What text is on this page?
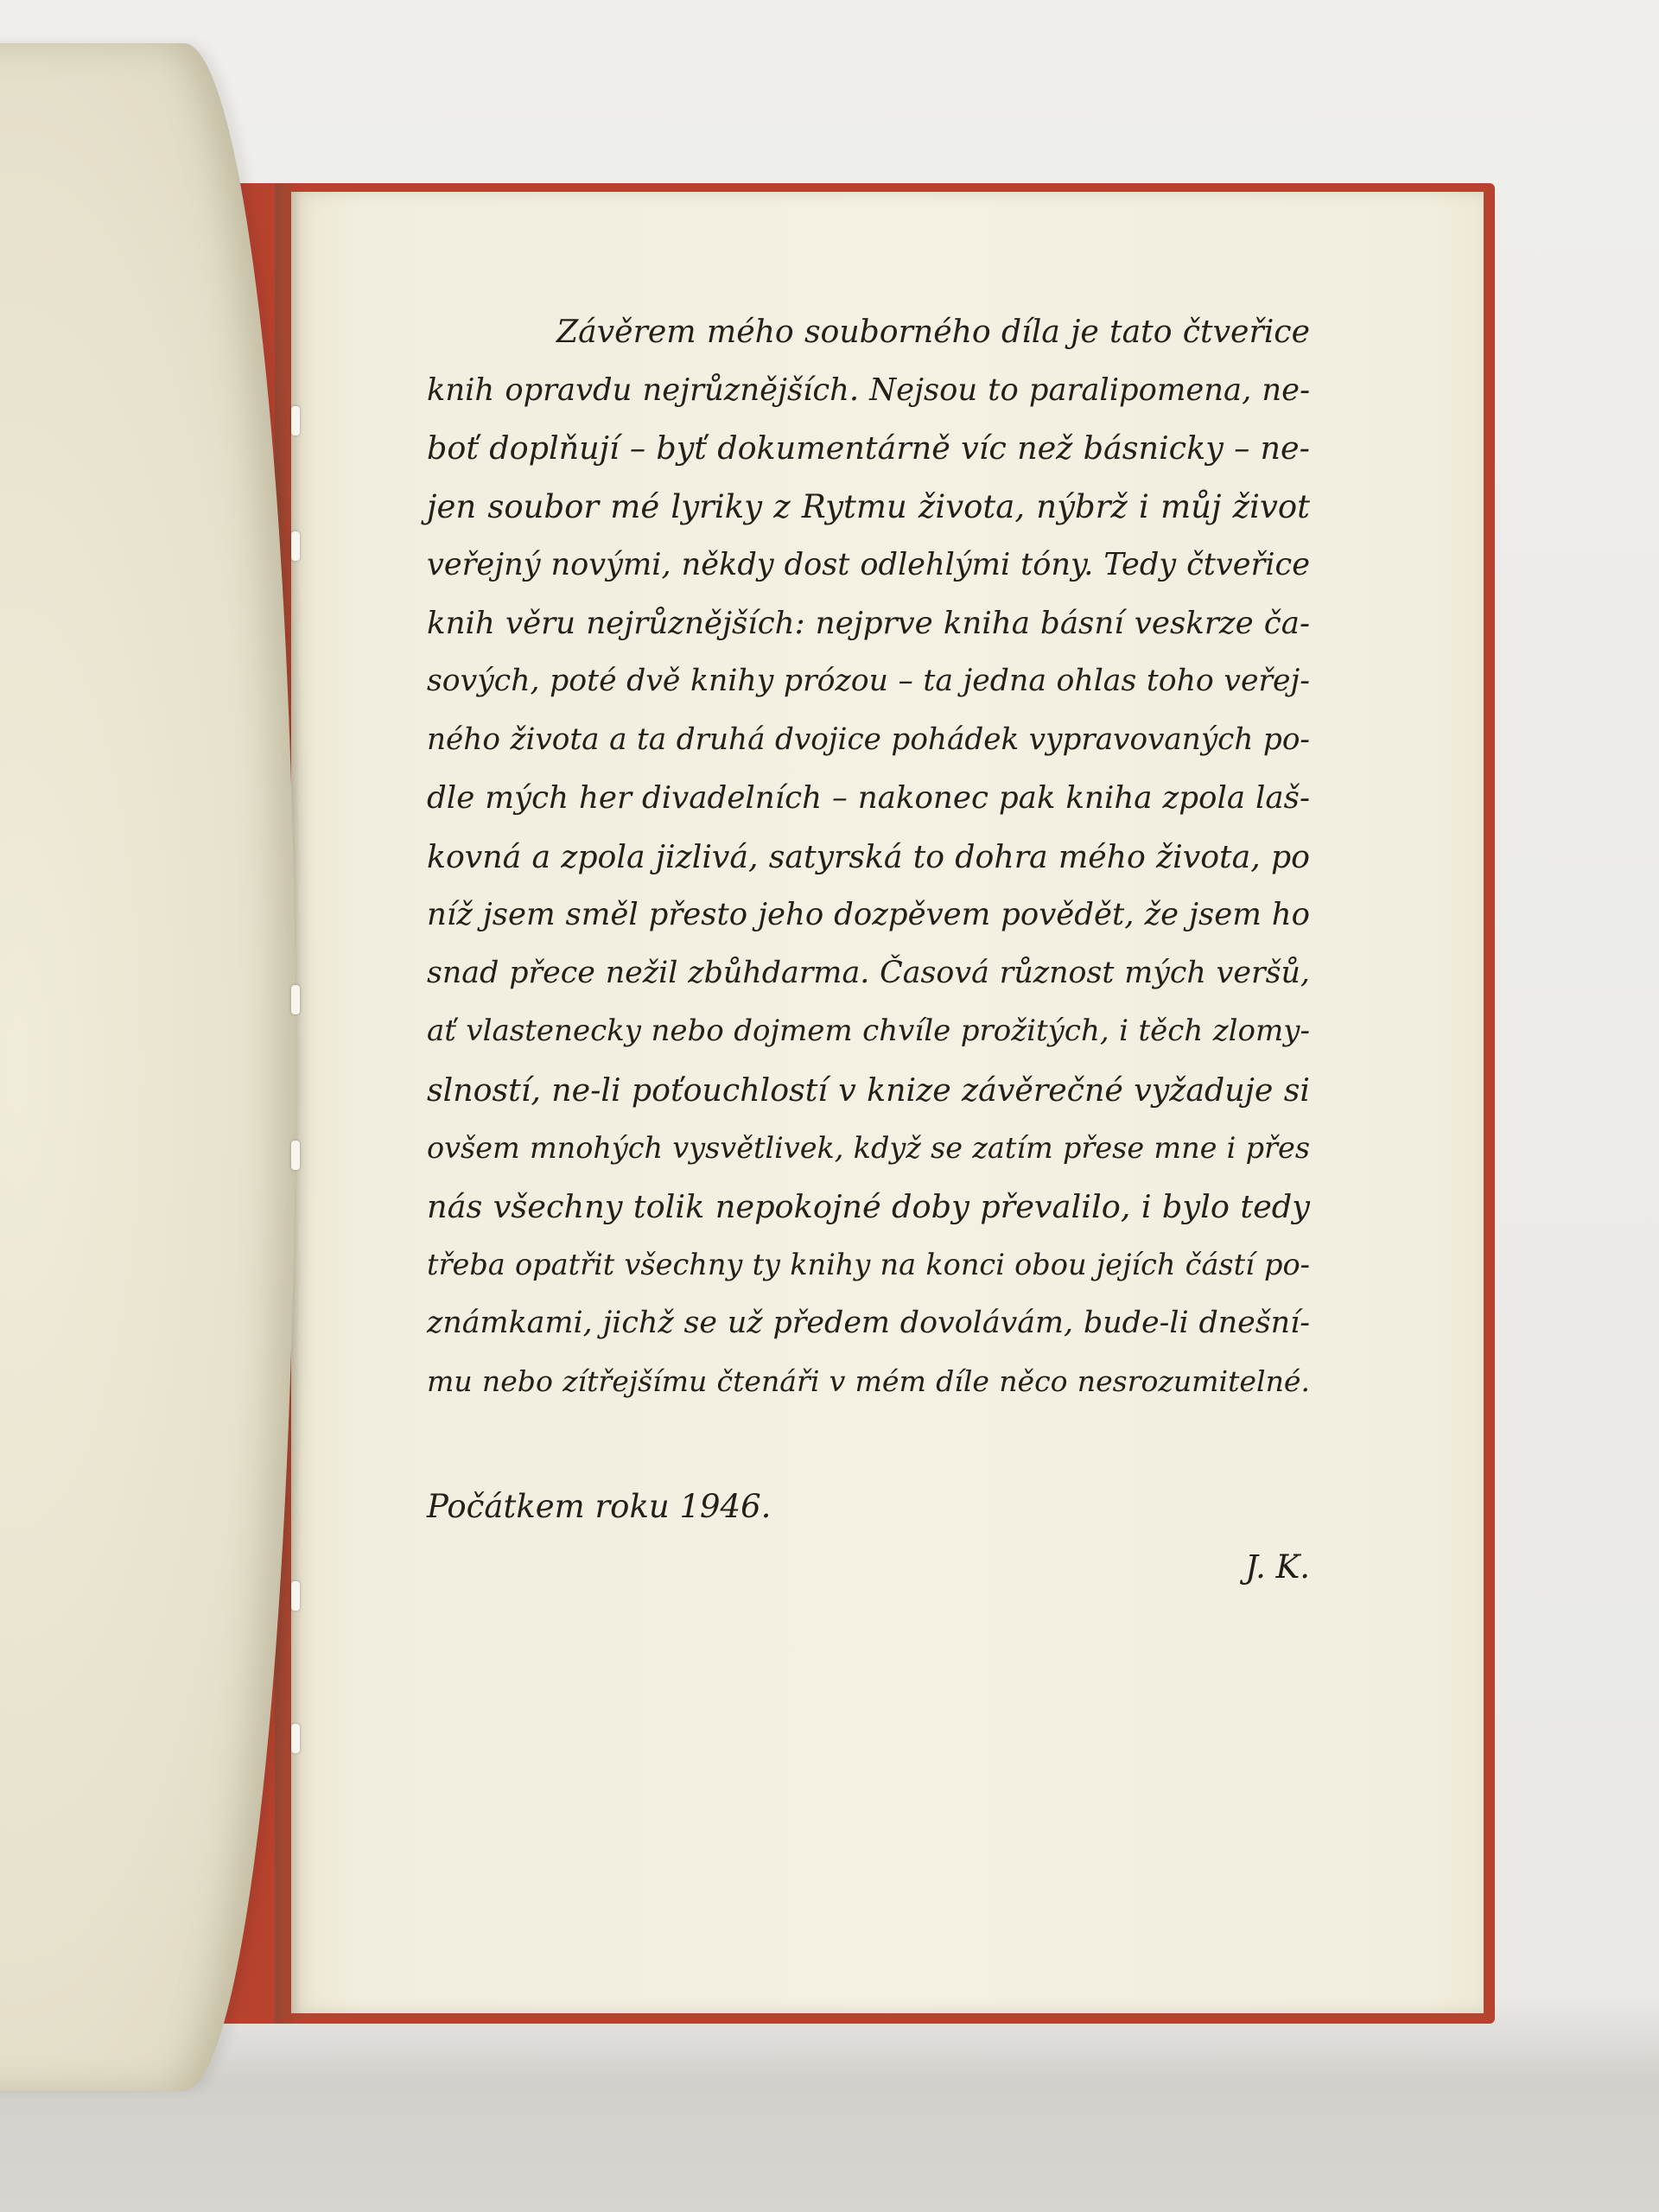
Závěrem mého souborného díla je tato čtveřice
knih opravdu nejrůznějších. Nejsou to paralipomena, ne-
boť doplňují – byť dokumentárně víc než básnicky – ne-
jen soubor mé lyriky z Rytmu života, nýbrž i můj život
veřejný novými, někdy dost odlehlými tóny. Tedy čtveřice
knih věru nejrůznějších: nejprve kniha básní veskrze ča-
sových, poté dvě knihy prózou – ta jedna ohlas toho veřej-
ného života a ta druhá dvojice pohádek vypravovaných po-
dle mých her divadelních – nakonec pak kniha zpola laš-
kovná a zpola jizlivá, satyrská to dohra mého života, po
níž jsem směl přesto jeho dozpěvem povědět, že jsem ho
snad přece nežil zbůhdarma. Časová různost mých veršů,
ať vlastenecky nebo dojmem chvíle prožitých, i těch zlomy-
slností, ne-li poťouchlostí v knize závěrečné vyžaduje si
ovšem mnohých vysvětlivek, když se zatím přese mne i přes
nás všechny tolik nepokojné doby převalilo, i bylo tedy
třeba opatřit všechny ty knihy na konci obou jejích částí po-
známkami, jichž se už předem dovolávám, bude-li dnešní-
mu nebo zítřejšímu čtenáři v mém díle něco nesrozumitelné.
Počátkem roku 1946.
J. K.
